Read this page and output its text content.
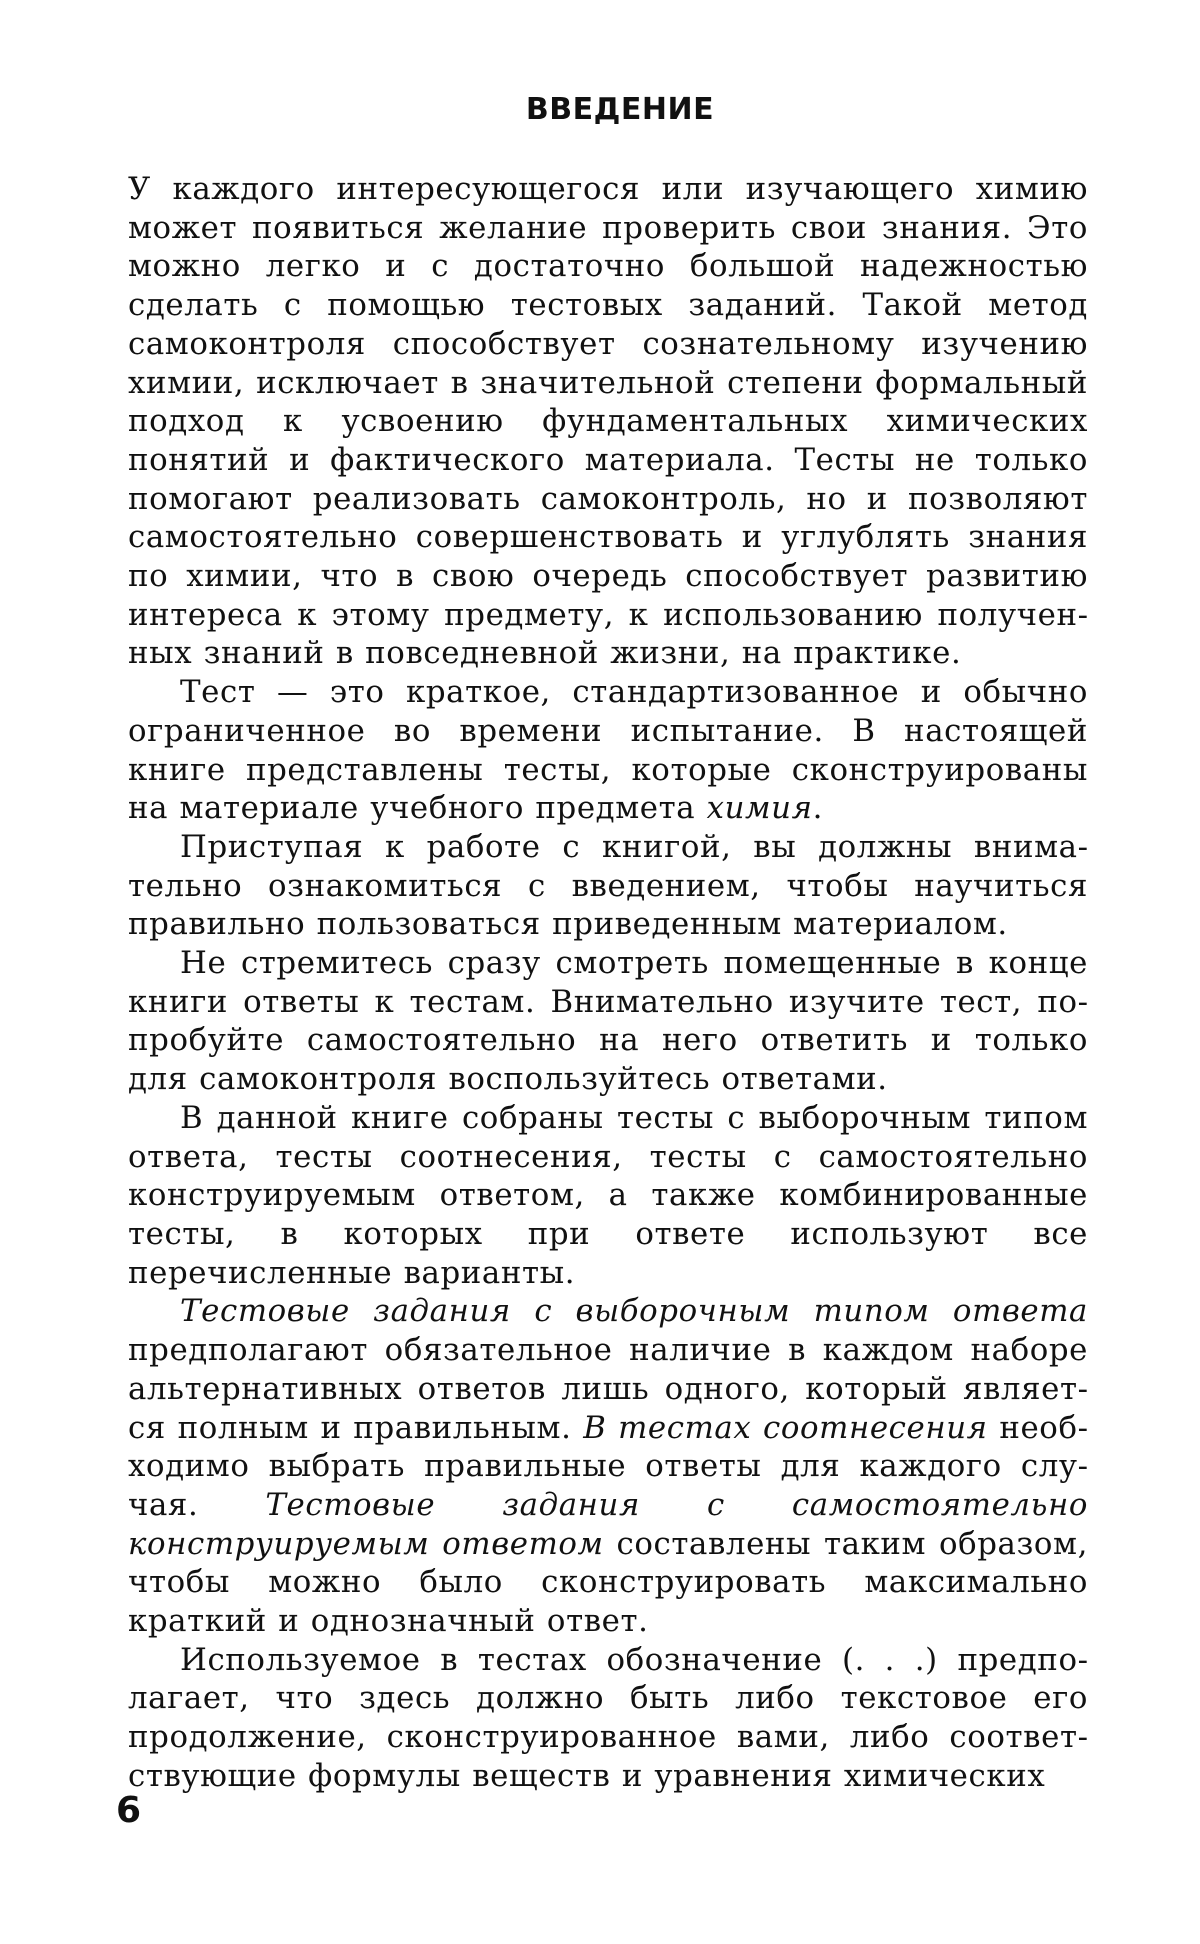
ВВЕДЕНИЕ

У каждого интересующегося или изучающего химию может появиться желание проверить свои знания. Это можно легко и с достаточно большой надежностью сделать с помощью тестовых заданий. Такой метод самоконтроля способствует сознательному изучению химии, исключает в значительной степени формальный подход к усвоению фундаментальных химических понятий и фактического материала. Тесты не только помогают реализовать самоконтроль, но и позволяют самостоятельно совершенствовать и углублять знания по химии, что в свою очередь способствует развитию интереса к этому предмету, к использованию полученных знаний в повседневной жизни, на практике.

Тест — это краткое, стандартизованное и обычно ограниченное во времени испытание. В настоящей книге представлены тесты, которые сконструированы на материале учебного предмета химия.

Приступая к работе с книгой, вы должны внимательно ознакомиться с введением, чтобы научиться правильно пользоваться приведенным материалом.

Не стремитесь сразу смотреть помещенные в конце книги ответы к тестам. Внимательно изучите тест, попробуйте самостоятельно на него ответить и только для самоконтроля воспользуйтесь ответами.

В данной книге собраны тесты с выборочным типом ответа, тесты соотнесения, тесты с самостоятельно конструируемым ответом, а также комбинированные тесты, в которых при ответе используют все перечисленные варианты.

Тестовые задания с выборочным типом ответа предполагают обязательное наличие в каждом наборе альтернативных ответов лишь одного, который является полным и правильным. В тестах соотнесения необходимо выбрать правильные ответы для каждого случая. Тестовые задания с самостоятельно конструируемым ответом составлены таким образом, чтобы можно было сконструировать максимально краткий и однозначный ответ.

Используемое в тестах обозначение (. . .) предполагает, что здесь должно быть либо текстовое его продолжение, сконструированное вами, либо соответствующие формулы веществ и уравнения химических

6
